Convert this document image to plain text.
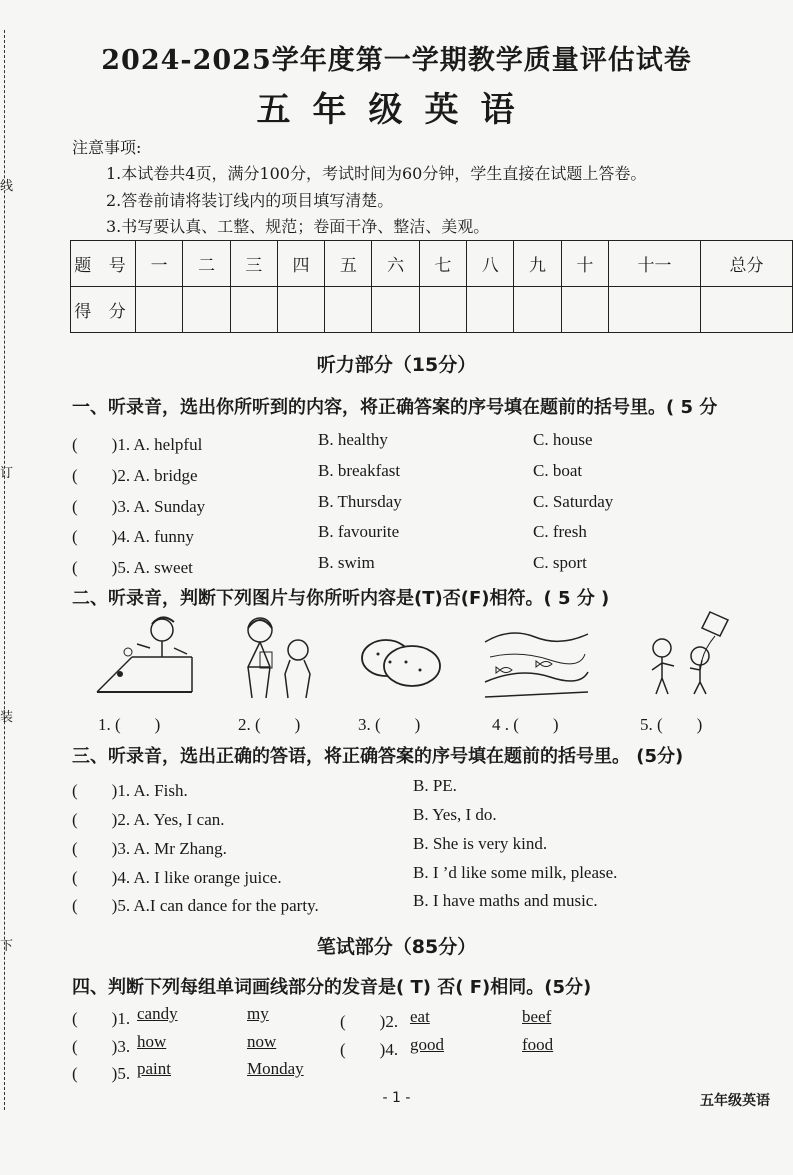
线
订
装
下
2024-2025学年度第一学期教学质量评估试卷
五年级英语
注意事项:
1.本试卷共4页，满分100分，考试时间为60分钟，学生直接在试题上答卷。
2.答卷前请将装订线内的项目填写清楚。
3.书写要认真、工整、规范；卷面干净、整洁、美观。
题 号	一	二	三	四	五	六	七	八	九	十	十一	总分
得 分												
听力部分（15分）
一、听录音，选出你所听到的内容，将正确答案的序号填在题前的括号里。( 5 分
(　　)1. A. helpful	B. healthy	C. house
(　　)2. A. bridge	B. breakfast	C. boat
(　　)3. A. Sunday	B. Thursday	C. Saturday
(　　)4. A. funny	B. favourite	C. fresh
(　　)5. A. sweet	B. swim	C. sport
二、听录音，判断下列图片与你所听内容是(T)否(F)相符。( 5 分 )
1. (　　)	2. (　　)	3. (　　)	4 . (　　)	5. (　　)
三、听录音，选出正确的答语，将正确答案的序号填在题前的括号里。 (5分)
(　　)1. A. Fish.	B. PE.
(　　)2. A. Yes, I can.	B. Yes, I do.
(　　)3. A. Mr Zhang.	B. She is very kind.
(　　)4. A. I like orange juice.	B. I ’d like some milk, please.
(　　)5. A.I can dance for the party.	B. I have maths and music.
笔试部分（85分）
四、判断下列每组单词画线部分的发音是( T) 否( F)相同。(5分)
(　　)1. candy	my	(　　)2. eat	beef
(　　)3. how	now	(　　)4. good	food
(　　)5. paint	Monday
- 1 -	五年级英语
